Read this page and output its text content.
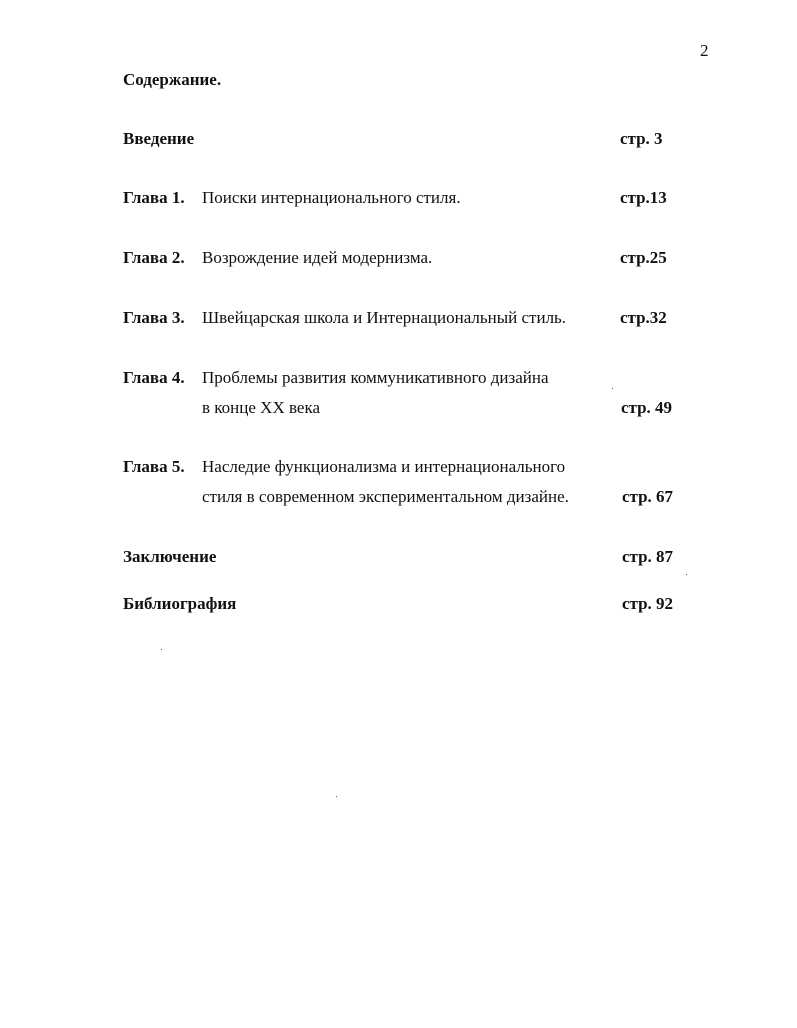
2
Содержание.
Введение	стр. 3
Глава 1. Поиски интернационального стиля.	стр.13
Глава 2. Возрождение идей модернизма.	стр.25
Глава 3. Швейцарская школа и Интернациональный стиль.	стр.32
Глава 4. Проблемы развития коммуникативного дизайна
в конце XX века	стр. 49
Глава 5. Наследие функционализма и интернационального
стиля в современном экспериментальном дизайне.	стр. 67
Заключение	стр. 87
Библиография	стр. 92
